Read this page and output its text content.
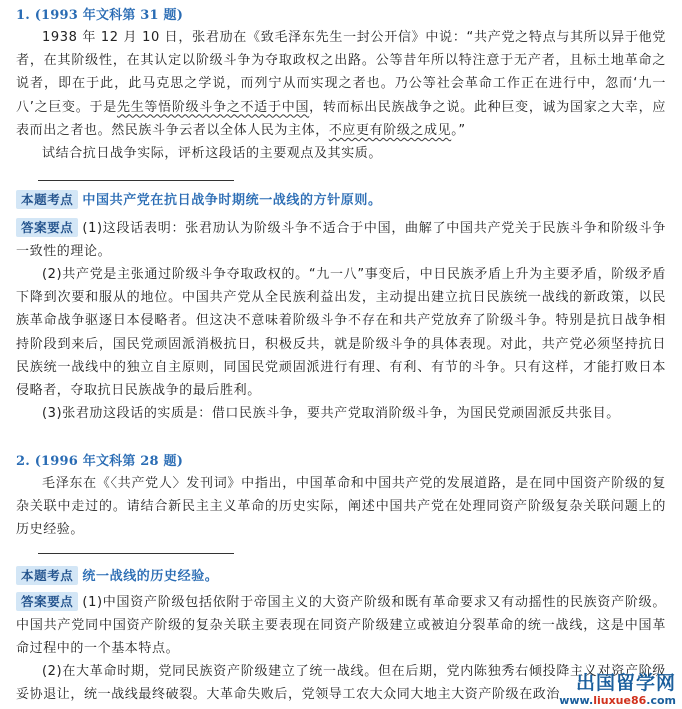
1. (1993 年文科第 31 题)
1938 年 12 月 10 日，张君劢在《致毛泽东先生一封公开信》中说：“共产党之特点与其所以异于他党者，在其阶级性，在其认定以阶级斗争为夺取政权之出路。公等昔年所以特注意于无产者，且标土地革命之说者，即在于此，此马克思之学说，而列宁从而实现之者也。乃公等社会革命工作正在进行中，忽而‘九一八’之巨变。于是先生等悟阶级斗争之不适于中国，转而标出民族战争之说。此种巨变，诚为国家之大幸，应表而出之者也。然民族斗争云者以全体人民为主体，不应更有阶级之成见。”
试结合抗日战争实际，评析这段话的主要观点及其实质。
本题考点 中国共产党在抗日战争时期统一战线的方针原则。
答案要点 (1)这段话表明：张君劢认为阶级斗争不适合于中国，曲解了中国共产党关于民族斗争和阶级斗争一致性的理论。
(2)共产党是主张通过阶级斗争夺取政权的。“九一八”事变后，中日民族矛盾上升为主要矛盾，阶级矛盾下降到次要和服从的地位。中国共产党从全民族利益出发，主动提出建立抗日民族统一战线的新政策，以民族革命战争驱逐日本侵略者。但这决不意味着阶级斗争不存在和共产党放弃了阶级斗争。特别是抗日战争相持阶段到来后，国民党顽固派消极抗日，积极反共，就是阶级斗争的具体表现。对此，共产党必须坚持抗日民族统一战线中的独立自主原则，同国民党顽固派进行有理、有利、有节的斗争。只有这样，才能打败日本侵略者，夺取抗日民族战争的最后胜利。
(3)张君劢这段话的实质是：借口民族斗争，要共产党取消阶级斗争，为国民党顽固派反共张目。
2. (1996 年文科第 28 题)
毛泽东在《〈共产党人〉发刊词》中指出，中国革命和中国共产党的发展道路，是在同中国资产阶级的复杂关联中走过的。请结合新民主主义革命的历史实际，阐述中国共产党在处理同资产阶级复杂关联问题上的历史经验。
本题考点 统一战线的历史经验。
答案要点 (1)中国资产阶级包括依附于帝国主义的大资产阶级和既有革命要求又有动摇性的民族资产阶级。中国共产党同中国资产阶级的复杂关联主要表现在同资产阶级建立或被迫分裂革命的统一战线，这是中国革命过程中的一个基本特点。
(2)在大革命时期，党同民族资产阶级建立了统一战线。但在后期，党内陈独秀右倾投降主义对资产阶级妥协退让，统一战线最终破裂。大革命失败后，党领导工农大众同大地主大资产阶级在政治
出国留学网
www.liuxue86.com
